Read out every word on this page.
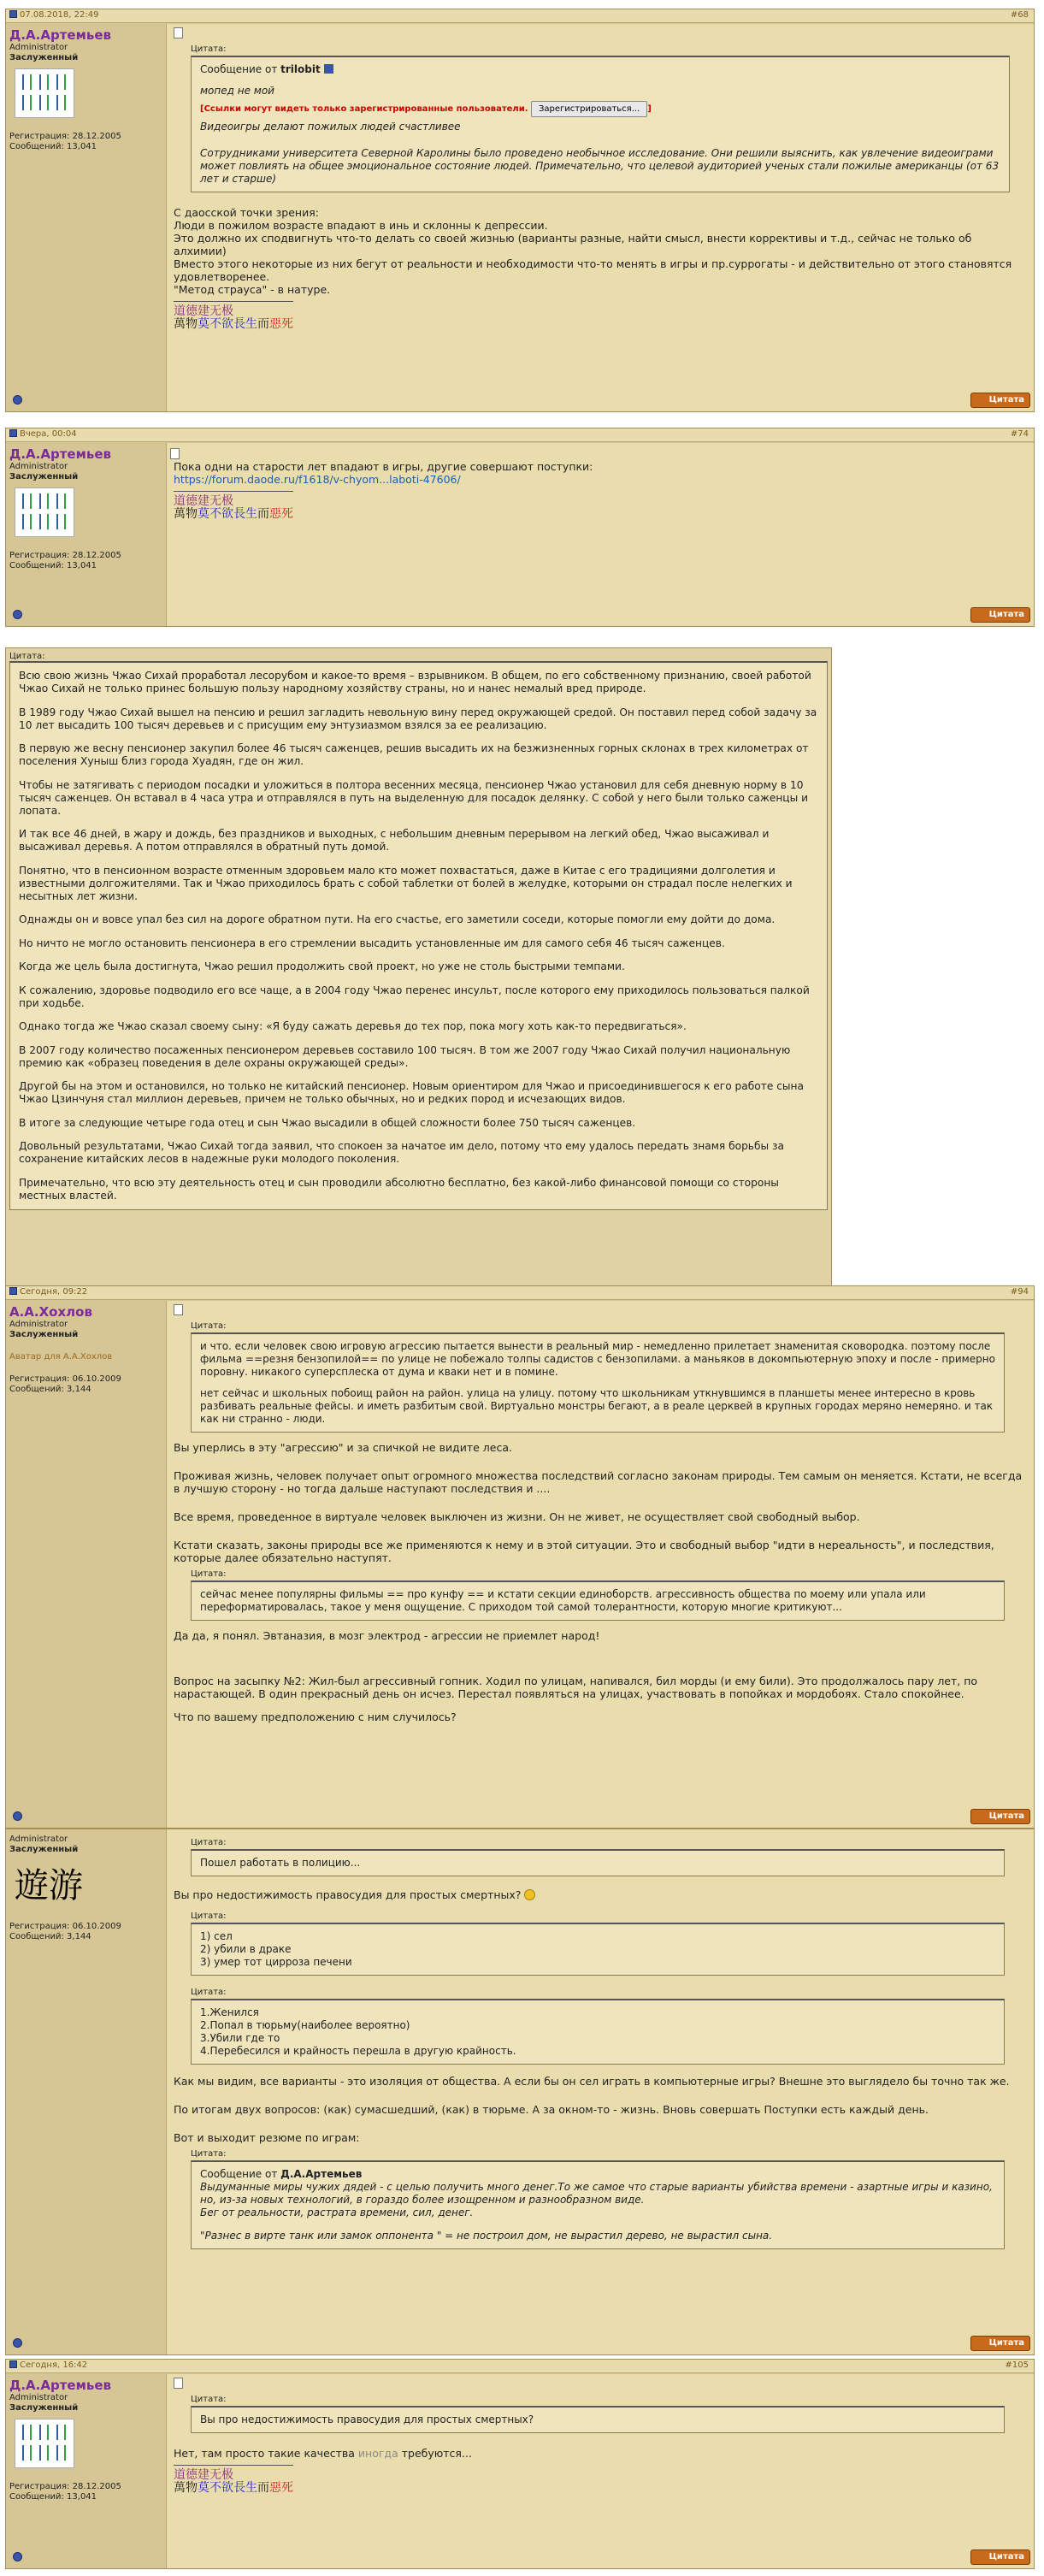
07.08.2018, 22:49	#68
Д.А.Артемьев
Administrator
Заслуженный
Регистрация: 28.12.2005
Сообщений: 13,041
Цитата:

Сообщение от trilobit

мопед не мой

[Ссылки могут видеть только зарегистрированные пользователи. Зарегистрироваться... ]

Видеоигры делают пожилых людей счастливее

Сотрудниками университета Северной Каролины было проведено необычное исследование. Они решили выяснить, как увлечение видеоиграми может повлиять на общее эмоциональное состояние людей. Примечательно, что целевой аудиторией ученых стали пожилые американцы (от 63 лет и старше)

С даосской точки зрения:
Люди в пожилом возрасте впадают в инь и склонны к депрессии.
Это должно их сподвигнуть что-то делать со своей жизнью (варианты разные, найти смысл, внести коррективы и т.д., сейчас не только об алхимии)
Вместо этого некоторые из них бегут от реальности и необходимости что-то менять в игры и пр.суррогаты - и действительно от этого становятся удовлетворенее.
"Метод страуса" - в натуре.
道德建无极
萬物莫不欲長生而惡死
Цитата
Вчера, 00:04	#74
Д.А.Артемьев
Administrator
Заслуженный
Регистрация: 28.12.2005
Сообщений: 13,041
Пока одни на старости лет впадают в игры, другие совершают поступки:
https://forum.daode.ru/f1618/v-chyom...laboti-47606/
道德建无极
萬物莫不欲長生而惡死
Цитата
Цитата:

Всю свою жизнь Чжао Сихай проработал лесорубом и какое-то время – взрывником. В общем, по его собственному признанию, своей работой Чжао Сихай не только принес большую пользу народному хозяйству страны, но и нанес немалый вред природе.

В 1989 году Чжао Сихай вышел на пенсию и решил загладить невольную вину перед окружающей средой. Он поставил перед собой задачу за 10 лет высадить 100 тысяч деревьев и с присущим ему энтузиазмом взялся за ее реализацию.

В первую же весну пенсионер закупил более 46 тысяч саженцев, решив высадить их на безжизненных горных склонах в трех километрах от поселения Хуныш близ города Хуадян, где он жил.

Чтобы не затягивать с периодом посадки и уложиться в полтора весенних месяца, пенсионер Чжао установил для себя дневную норму в 10 тысяч саженцев. Он вставал в 4 часа утра и отправлялся в путь на выделенную для посадок делянку. С собой у него были только саженцы и лопата.

И так все 46 дней, в жару и дождь, без праздников и выходных, с небольшим дневным перерывом на легкий обед, Чжао высаживал и высаживал деревья. А потом отправлялся в обратный путь домой.

Понятно, что в пенсионном возрасте отменным здоровьем мало кто может похвастаться, даже в Китае с его традициями долголетия и известными долгожителями. Так и Чжао приходилось брать с собой таблетки от болей в желудке, которыми он страдал после нелегких и несытных лет жизни.

Однажды он и вовсе упал без сил на дороге обратном пути. На его счастье, его заметили соседи, которые помогли ему дойти до дома.

Но ничто не могло остановить пенсионера в его стремлении высадить установленные им для самого себя 46 тысяч саженцев.

Когда же цель была достигнута, Чжао решил продолжить свой проект, но уже не столь быстрыми темпами.

К сожалению, здоровье подводило его все чаще, а в 2004 году Чжао перенес инсульт, после которого ему приходилось пользоваться палкой при ходьбе.

Однако тогда же Чжао сказал своему сыну: «Я буду сажать деревья до тех пор, пока могу хоть как-то передвигаться».

В 2007 году количество посаженных пенсионером деревьев составило 100 тысяч. В том же 2007 году Чжао Сихай получил национальную премию как «образец поведения в деле охраны окружающей среды».

Другой бы на этом и остановился, но только не китайский пенсионер. Новым ориентиром для Чжао и присоединившегося к его работе сына Чжао Цзинчуня стал миллион деревьев, причем не только обычных, но и редких пород и исчезающих видов.

В итоге за следующие четыре года отец и сын Чжао высадили в общей сложности более 750 тысяч саженцев.

Довольный результатами, Чжао Сихай тогда заявил, что спокоен за начатое им дело, потому что ему удалось передать знамя борьбы за сохранение китайских лесов в надежные руки молодого поколения.

Примечательно, что всю эту деятельность отец и сын проводили абсолютно бесплатно, без какой-либо финансовой помощи со стороны местных властей.

Сегодня, 09:22	#94
А.А.Хохлов
Administrator
Заслуженный
Аватар для А.А.Хохлов
Регистрация: 06.10.2009
Сообщений: 3,144
Цитата:

и что. если человек свою игровую агрессию пытается вынести в реальный мир - немедленно прилетает знаменитая сковородка. поэтому после фильма ==резня бензопилой== по улице не побежало толпы садистов с бензопилами. а маньяков в докомпьютерную эпоху и после - примерно поровну. никакого суперсплеска от дума и кваки нет и в помине.

нет сейчас и школьных побоищ район на район. улица на улицу. потому что школьникам уткнувшимся в планшеты менее интересно в кровь разбивать реальные фейсы. и иметь разбитым свой. Виртуально монстры бегают, а в реале церквей в крупных городах меряно немеряно. и так как ни странно - люди.

Вы уперлись в эту "агрессию" и за спичкой не видите леса.

Проживая жизнь, человек получает опыт огромного множества последствий согласно законам природы. Тем самым он меняется. Кстати, не всегда в лучшую сторону - но тогда дальше наступают последствия и ....

Все время, проведенное в виртуале человек выключен из жизни. Он не живет, не осуществляет свой свободный выбор.

Кстати сказать, законы природы все же применяются к нему и в этой ситуации. Это и свободный выбор "идти в нереальность", и последствия, которые далее обязательно наступят.

Цитата:

сейчас менее популярны фильмы == про кунфу == и кстати секции единоборств. агрессивность общества по моему или упала или переформатировалась, такое у меня ощущение. С приходом той самой толерантности, которую многие критикуют...

Да да, я понял. Эвтаназия, в мозг электрод - агрессии не приемлет народ!

Вопрос на засыпку №2: Жил-был агрессивный гопник. Ходил по улицам, напивался, бил морды (и ему били). Это продолжалось пару лет, по нарастающей. В один прекрасный день он исчез. Перестал появляться на улицах, участвовать в попойках и мордобоях. Стало спокойнее.

Что по вашему предположению с ним случилось?

Цитата
Administrator
Заслуженный
遊游
Регистрация: 06.10.2009
Сообщений: 3,144
Цитата:

Пошел работать в полицию...

Вы про недостижимость правосудия для простых смертных?

Цитата:
1) сел
2) убили в драке
3) умер тот цирроза печени
Цитата:
1.Женился
2.Попал в тюрьму(наиболее вероятно)
3.Убили где то
4.Перебесился и крайность перешла в другую крайность.

Как мы видим, все варианты - это изоляция от общества. А если бы он сел играть в компьютерные игры? Внешне это выглядело бы точно так же.

По итогам двух вопросов: (как) сумасшедший, (как) в тюрьме. А за окном-то - жизнь. Вновь совершать Поступки есть каждый день.

Вот и выходит резюме по играм:

Цитата:

Сообщение от Д.А.Артемьев

Выдуманные миры чужих дядей - с целью получить много денег.То же самое что старые варианты убийства времени - азартные игры и казино, но, из-за новых технологий, в гораздо более изощренном и разнообразном виде.

Бег от реальности, растрата времени, сил, денег.

"Разнес в вирте танк или замок оппонента " = не построил дом, не вырастил дерево, не вырастил сына.

Цитата
Сегодня, 16:42	#105
Д.А.Артемьев
Administrator
Заслуженный
Регистрация: 28.12.2005
Сообщений: 13,041
Цитата:

Вы про недостижимость правосудия для простых смертных?

Нет, там просто такие качества иногда требуются...

道德建无极
萬物莫不欲長生而惡死
Цитата
